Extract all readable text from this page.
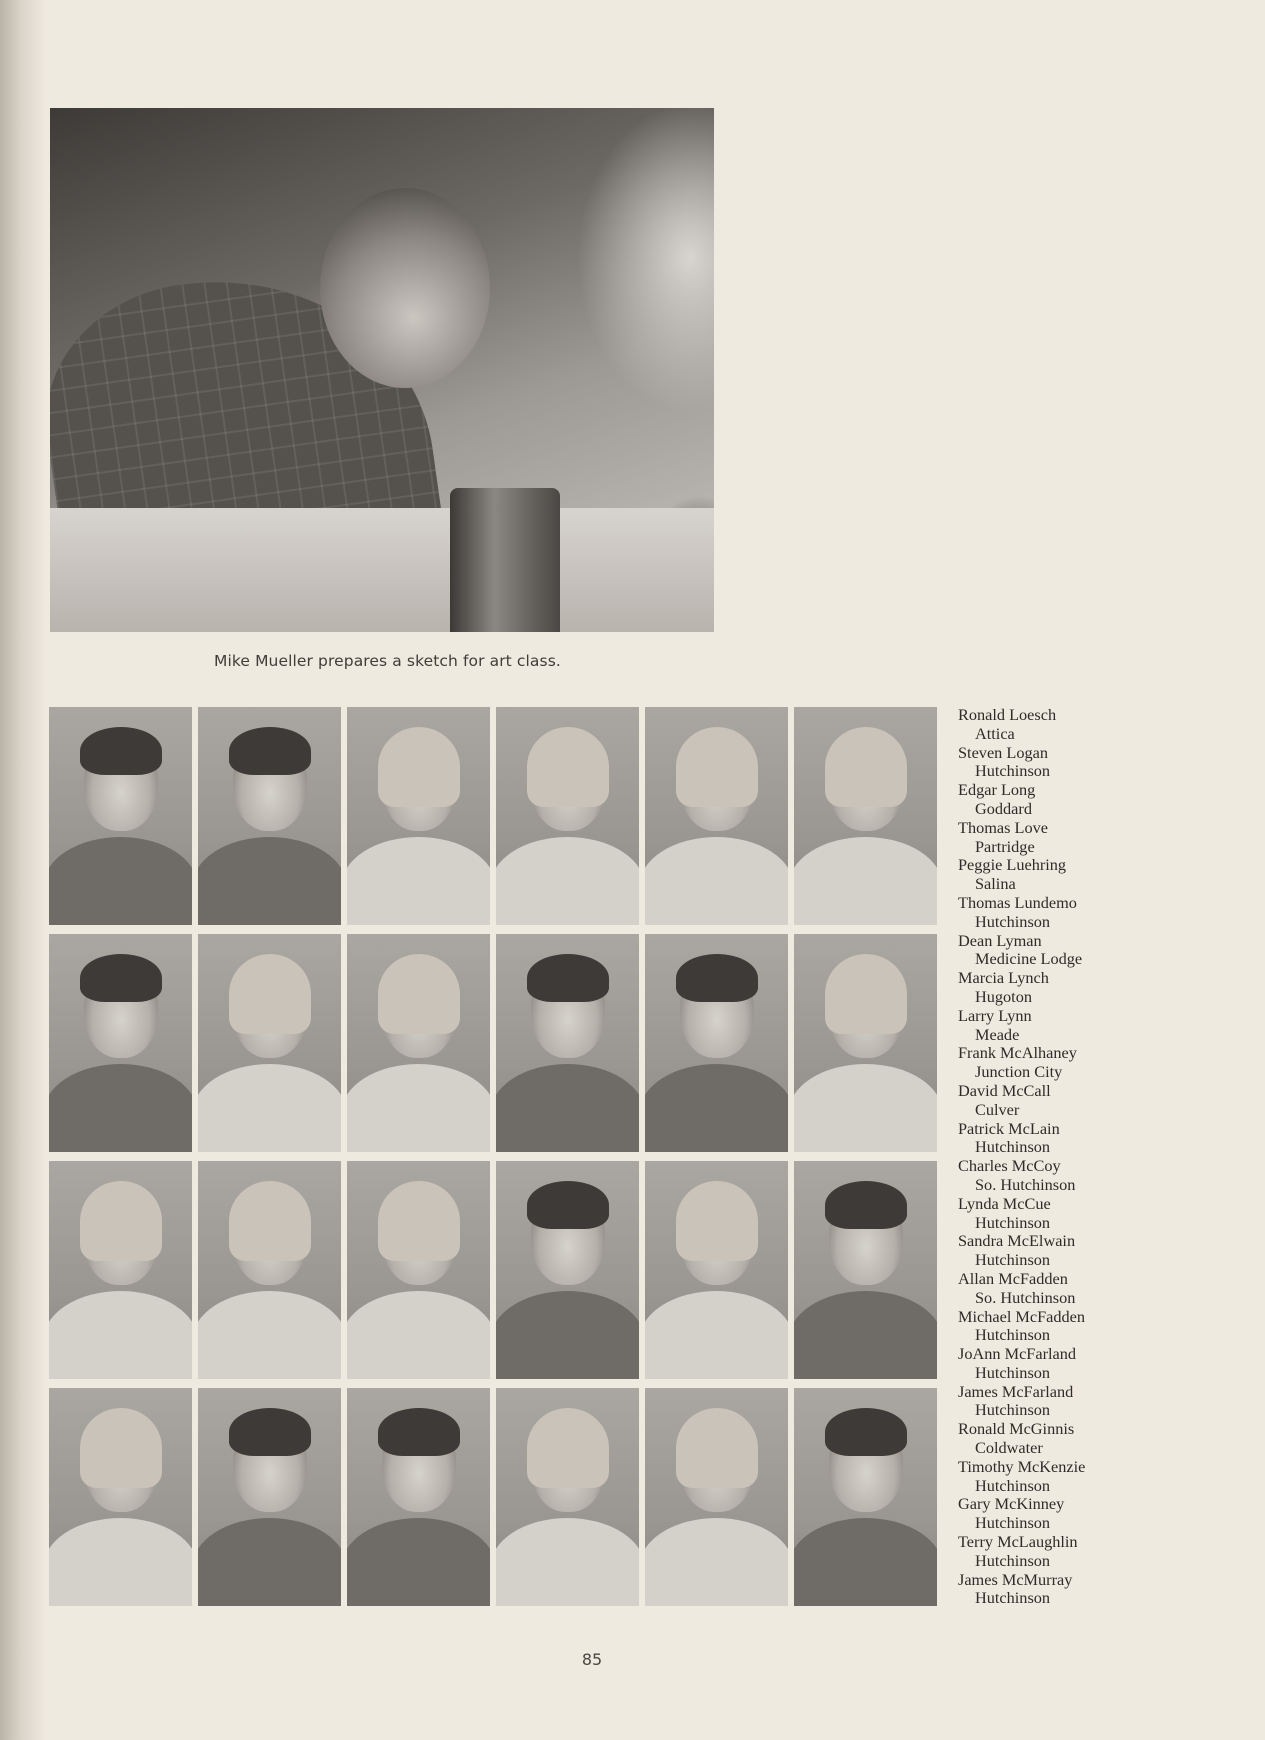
Mike Mueller prepares a sketch for art class.
Ronald Loesch
Attica
Steven Logan
Hutchinson
Edgar Long
Goddard
Thomas Love
Partridge
Peggie Luehring
Salina
Thomas Lundemo
Hutchinson
Dean Lyman
Medicine Lodge
Marcia Lynch
Hugoton
Larry Lynn
Meade
Frank McAlhaney
Junction City
David McCall
Culver
Patrick McLain
Hutchinson
Charles McCoy
So. Hutchinson
Lynda McCue
Hutchinson
Sandra McElwain
Hutchinson
Allan McFadden
So. Hutchinson
Michael McFadden
Hutchinson
JoAnn McFarland
Hutchinson
James McFarland
Hutchinson
Ronald McGinnis
Coldwater
Timothy McKenzie
Hutchinson
Gary McKinney
Hutchinson
Terry McLaughlin
Hutchinson
James McMurray
Hutchinson
85
